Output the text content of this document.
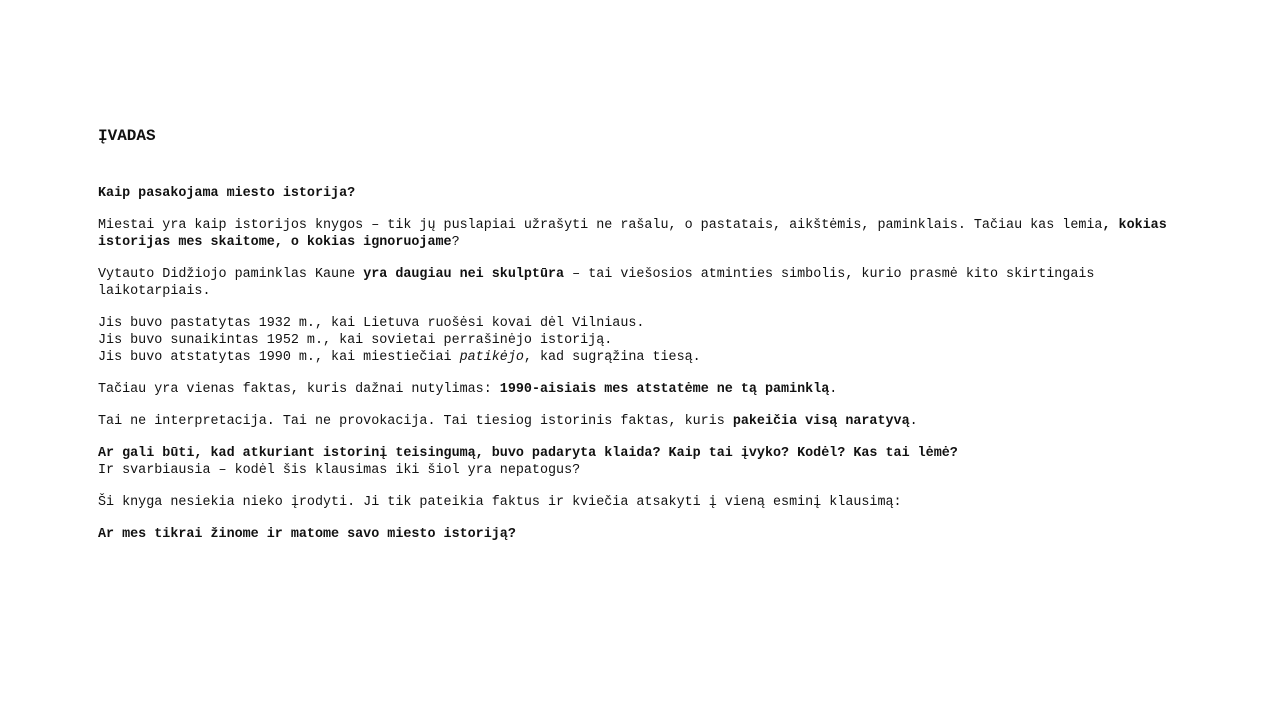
ĮVADAS

Kaip pasakojama miesto istorija?

Miestai yra kaip istorijos knygos – tik jų puslapiai užrašyti ne rašalu, o pastatais, aikštėmis, paminklais. Tačiau kas lemia, kokias istorijas mes skaitome, o kokias ignoruojame?

Vytauto Didžiojo paminklas Kaune yra daugiau nei skulptūra – tai viešosios atminties simbolis, kurio prasmė kito skirtingais laikotarpiais.

Jis buvo pastatytas 1932 m., kai Lietuva ruošėsi kovai dėl Vilniaus.
Jis buvo sunaikintas 1952 m., kai sovietai perrašinėjo istoriją.
Jis buvo atstatytas 1990 m., kai miestiečiai patikėjo, kad sugrąžina tiesą.

Tačiau yra vienas faktas, kuris dažnai nutylimas: 1990-aisiais mes atstatėme ne tą paminklą.

Tai ne interpretacija. Tai ne provokacija. Tai tiesiog istorinis faktas, kuris pakeičia visą naratyvą.

Ar gali būti, kad atkuriant istorinį teisingumą, buvo padaryta klaida? Kaip tai įvyko? Kodėl? Kas tai lėmė?
Ir svarbiausia – kodėl šis klausimas iki šiol yra nepatogus?

Ši knyga nesiekia nieko įrodyti. Ji tik pateikia faktus ir kviečia atsakyti į vieną esminį klausimą:

Ar mes tikrai žinome ir matome savo miesto istoriją?
